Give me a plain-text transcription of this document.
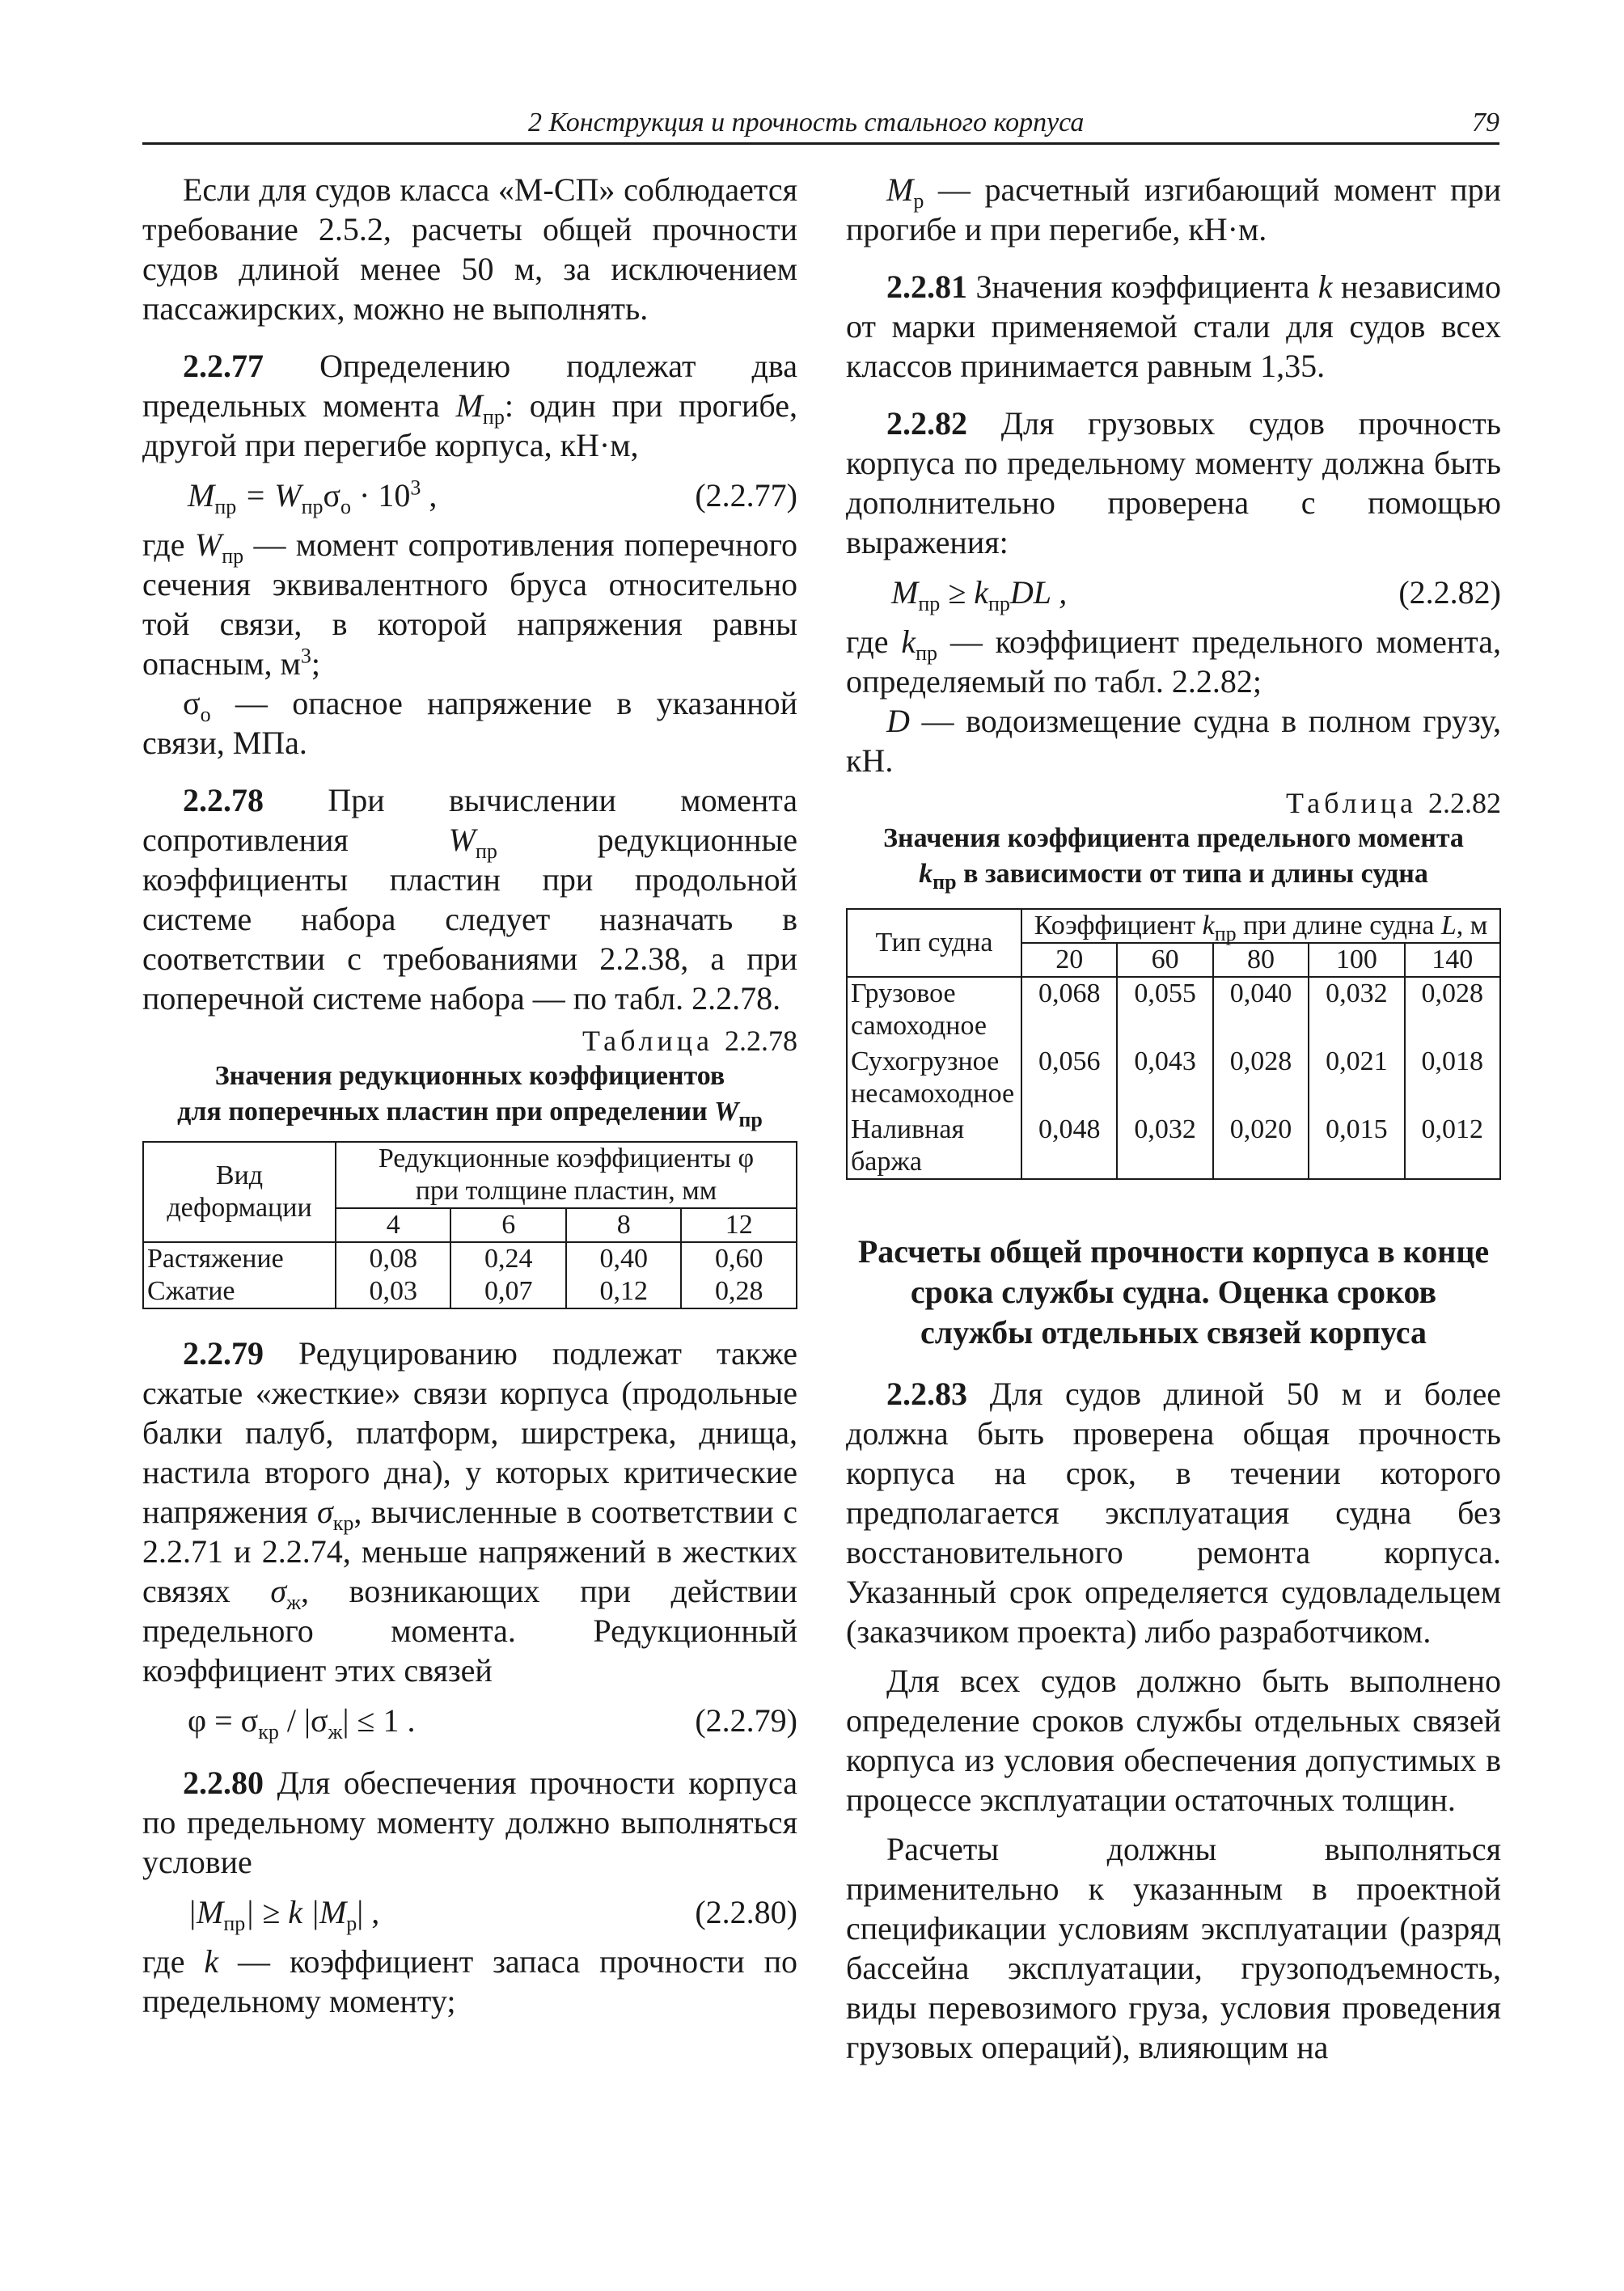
2 Конструкция и прочность стального корпуса	79

Если для судов класса «М-СП» соблюдается требование 2.5.2, расчеты общей прочности судов длиной менее 50 м, за исключением пассажирских, можно не выполнять.

2.2.77 Определению подлежат два предельных момента $M_{пр}$: один при прогибе, другой при перегибе корпуса, кН·м,

$M_{пр} = W_{пр}\sigma_о \cdot 10^3$ ,	(2.2.77)

где $W_{пр}$ — момент сопротивления поперечного сечения эквивалентного бруса относительно той связи, в которой напряжения равны опасным, $м^3$;

$\sigma_о$ — опасное напряжение в указанной связи, МПа.

2.2.78 При вычислении момента сопротивления $W_{пр}$ редукционные коэффициенты пластин при продольной системе набора следует назначать в соответствии с требованиями 2.2.38, а при поперечной системе набора — по табл. 2.2.78.

Таблица 2.2.78
Значения редукционных коэффициентов
для поперечных пластин при определении $W_{пр}$
Вид деформации	Редукционные коэффициенты φ
при толщине пластин, мм			

	4	6	8	12
Растяжение	0,08	0,24	0,40	0,60
Сжатие	0,03	0,07	0,12	0,28

2.2.79 Редуцированию подлежат также сжатые «жесткие» связи корпуса (продольные балки палуб, платформ, ширстрека, днища, настила второго дна), у которых критические напряжения $\sigma_{кр}$, вычисленные в соответствии с 2.2.71 и 2.2.74, меньше напряжений в жестких связях $\sigma_ж$, возникающих при действии предельного момента. Редукционный коэффициент этих связей

$\varphi = \sigma_{кр} / |\sigma_ж| \le 1$ .	(2.2.79)

2.2.80 Для обеспечения прочности корпуса по предельному моменту должно выполняться условие

$|M_{пр}| \ge k$ $|M_р|$ ,	(2.2.80)

где k — коэффициент запаса прочности по предельному моменту;

$M_р$ — расчетный изгибающий момент при прогибе и при перегибе, кН·м.

2.2.81 Значения коэффициента k независимо от марки применяемой стали для судов всех классов принимается равным 1,35.

2.2.82 Для грузовых судов прочность корпуса по предельному моменту должна быть дополнительно проверена с помощью выражения:

$M_{пр} \ge k_{пр}DL$ ,	(2.2.82)

где $k_{пр}$ — коэффициент предельного момента, определяемый по табл. 2.2.82;

D — водоизмещение судна в полном грузу, кН.

Таблица 2.2.82
Значения коэффициента предельного момента
$k_{пр}$ в зависимости от типа и длины судна
Тип судна	Коэффициент $k_{пр}$ при длине судна L, м				
	20	60	80	100	140
Грузовое самоходное	0,068	0,055	0,040	0,032	0,028
Сухогрузное несамоходное	0,056	0,043	0,028	0,021	0,018
Наливная баржа	0,048	0,032	0,020	0,015	0,012
Расчеты общей прочности корпуса в конце
срока службы судна. Оценка сроков
службы отдельных связей корпуса

2.2.83 Для судов длиной 50 м и более должна быть проверена общая прочность корпуса на срок, в течении которого предполагается эксплуатация судна без восстановительного ремонта корпуса. Указанный срок определяется судовладельцем (заказчиком проекта) либо разработчиком.

Для всех судов должно быть выполнено определение сроков службы отдельных связей корпуса из условия обеспечения допустимых в процессе эксплуатации остаточных толщин.

Расчеты должны выполняться применительно к указанным в проектной спецификации условиям эксплуатации (разряд бассейна эксплуатации, грузоподъемность, виды перевозимого груза, условия проведения грузовых операций), влияющим на
